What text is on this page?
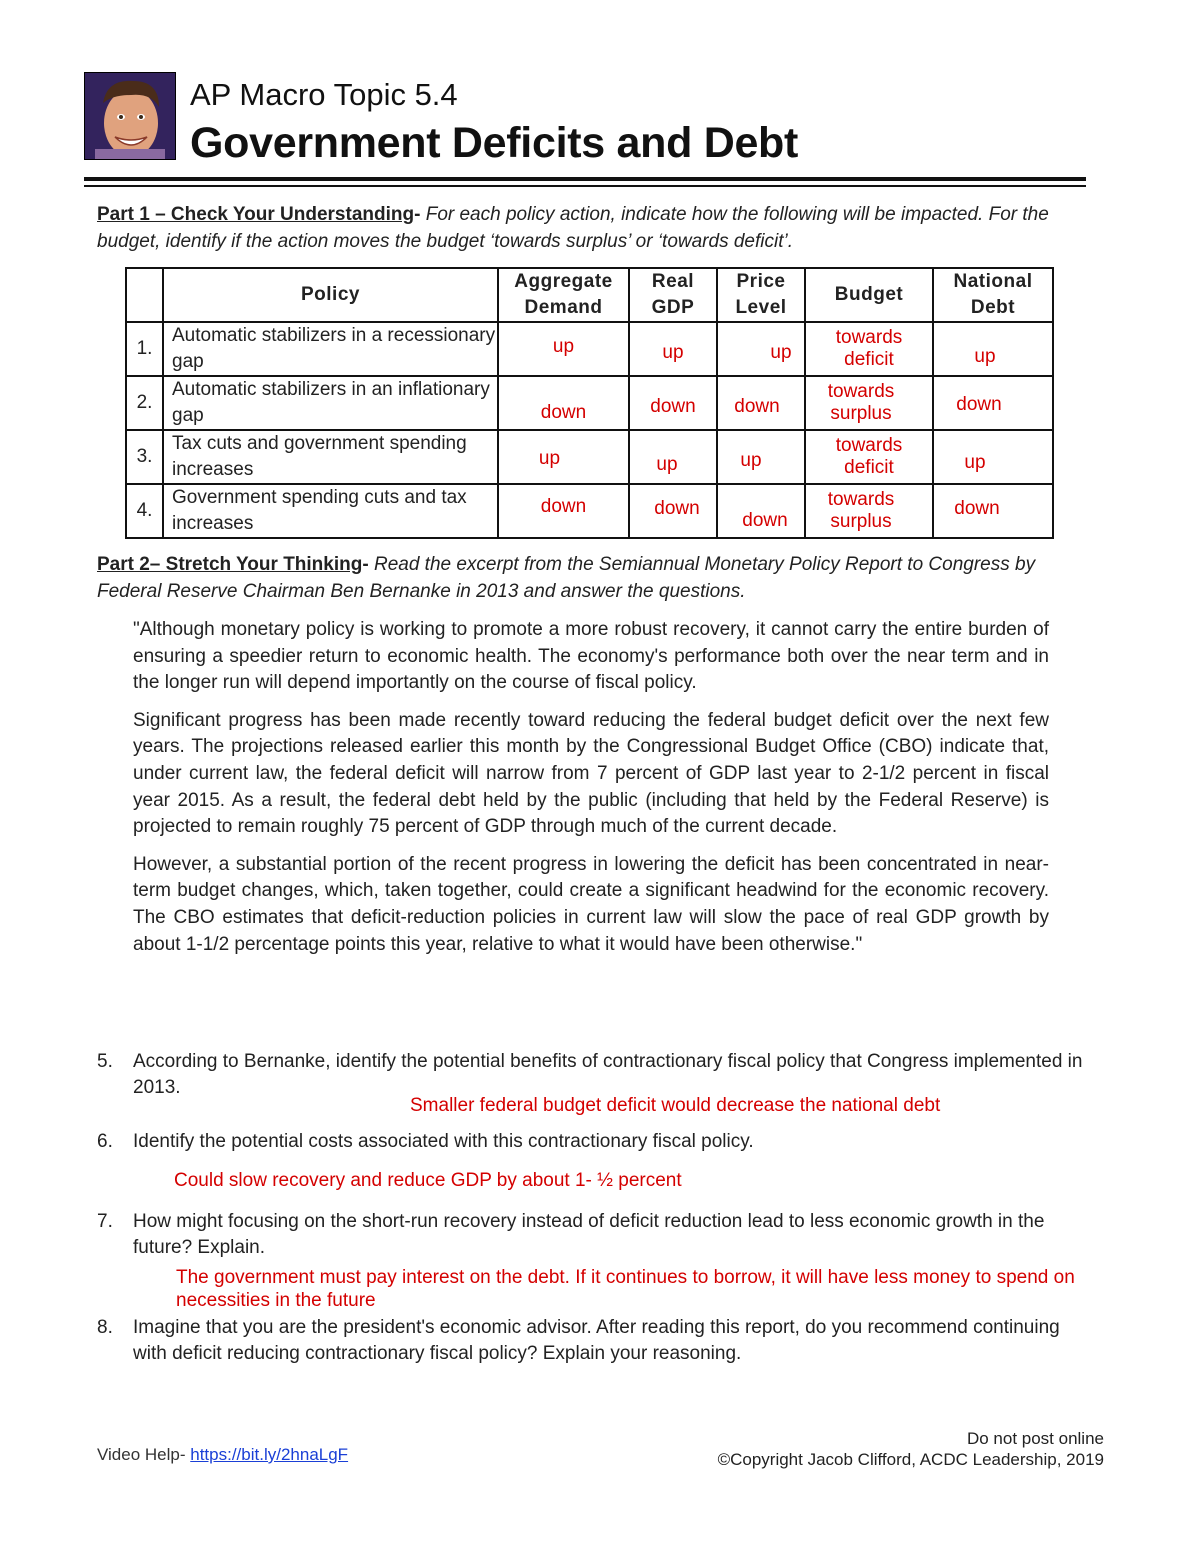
AP Macro Topic 5.4
Government Deficits and Debt
Part 1 – Check Your Understanding- For each policy action, indicate how the following will be impacted. For the budget, identify if the action moves the budget ‘towards surplus’ or ‘towards deficit’.
	Policy	Aggregate Demand	Real GDP	Price Level	Budget	National Debt
1.	Automatic stabilizers in a recessionary gap	up	up	up	towards deficit	up

2.	Automatic stabilizers in an inflationary gap	down	down	down	towards surplus	down

3.	Tax cuts and government spending increases	up	up	up	towards deficit	up

4.	Government spending cuts and tax increases	down	down	down	towards surplus	down
Part 2– Stretch Your Thinking- Read the excerpt from the Semiannual Monetary Policy Report to Congress by Federal Reserve Chairman Ben Bernanke in 2013 and answer the questions.

"Although monetary policy is working to promote a more robust recovery, it cannot carry the entire burden of ensuring a speedier return to economic health. The economy's performance both over the near term and in the longer run will depend importantly on the course of fiscal policy.

Significant progress has been made recently toward reducing the federal budget deficit over the next few years. The projections released earlier this month by the Congressional Budget Office (CBO) indicate that, under current law, the federal deficit will narrow from 7 percent of GDP last year to 2-1/2 percent in fiscal year 2015. As a result, the federal debt held by the public (including that held by the Federal Reserve) is projected to remain roughly 75 percent of GDP through much of the current decade.

However, a substantial portion of the recent progress in lowering the deficit has been concentrated in near-term budget changes, which, taken together, could create a significant headwind for the economic recovery. The CBO estimates that deficit-reduction policies in current law will slow the pace of real GDP growth by about 1-1/2 percentage points this year, relative to what it would have been otherwise."

5. According to Bernanke, identify the potential benefits of contractionary fiscal policy that Congress implemented in 2013.
Smaller federal budget deficit would decrease the national debt
6. Identify the potential costs associated with this contractionary fiscal policy.
Could slow recovery and reduce GDP by about 1- ½ percent
7. How might focusing on the short-run recovery instead of deficit reduction lead to less economic growth in the future? Explain.
The government must pay interest on the debt. If it continues to borrow, it will have less money to spend on necessities in the future
8. Imagine that you are the president's economic advisor. After reading this report, do you recommend continuing with deficit reducing contractionary fiscal policy? Explain your reasoning.
Video Help- https://bit.ly/2hnaLgF
Do not post online
©Copyright Jacob Clifford, ACDC Leadership, 2019
